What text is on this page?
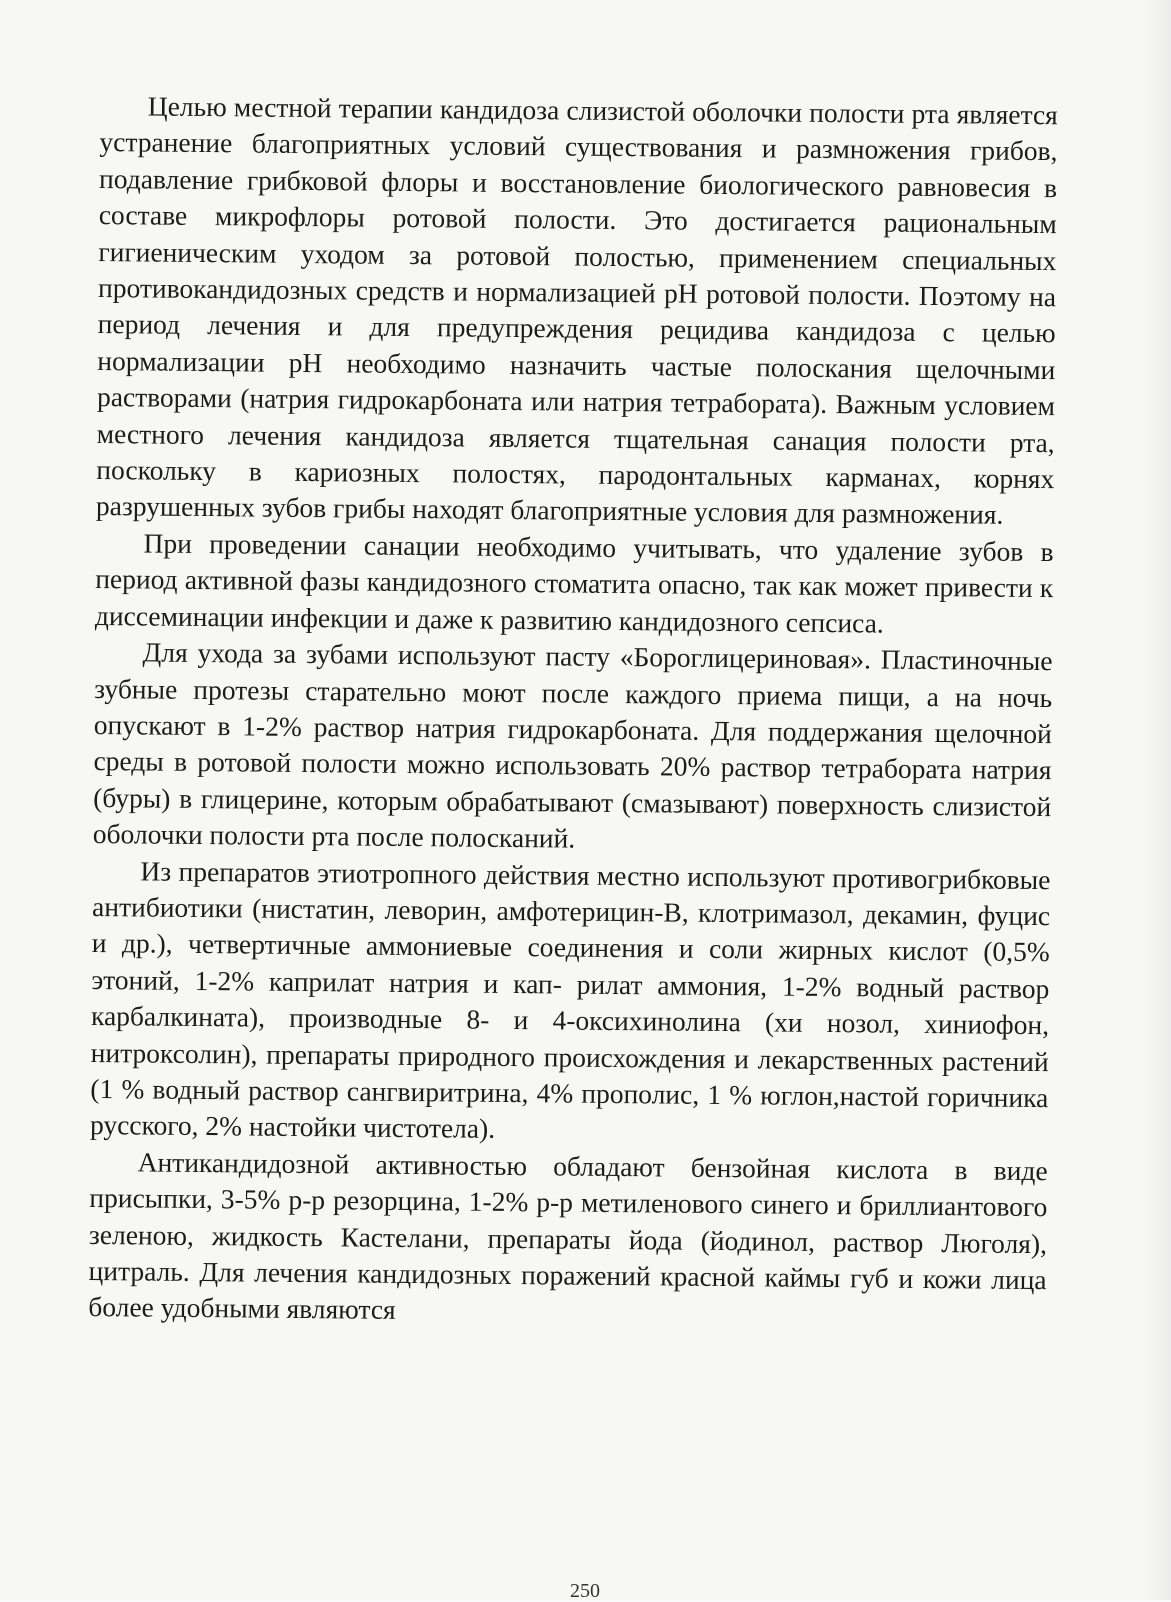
Целью местной терапии кандидоза слизистой оболочки полости рта является устранение благоприятных условий существования и размножения грибов, подавление грибковой флоры и восстановление биологического равновесия в составе микрофлоры ротовой полости. Это достигается рациональным гигиеническим уходом за ротовой полостью, применением специальных противокандидозных средств и нормализацией pH ротовой полости. Поэтому на период лечения и для предупреждения рецидива кандидоза с целью нормализации pH необходимо назначить частые полоскания щелочными растворами (натрия гидрокарбоната или натрия тетрабората). Важным условием местного лечения кандидоза является тщательная санация полости рта, поскольку в кариозных полостях, пародонтальных карманах, корнях разрушенных зубов грибы находят благоприятные условия для размножения.

При проведении санации необходимо учитывать, что удаление зубов в период активной фазы кандидозного стоматита опасно, так как может привести к диссеминации инфекции и даже к развитию кандидозного сепсиса.

Для ухода за зубами используют пасту «Бороглицериновая». Пластиночные зубные протезы старательно моют после каждого приема пищи, а на ночь опускают в 1-2% раствор натрия гидрокарбоната. Для поддержания щелочной среды в ротовой полости можно использовать 20% раствор тетрабората натрия (буры) в глицерине, которым обрабатывают (смазывают) поверхность слизистой оболочки полости рта после полосканий.

Из препаратов этиотропного действия местно используют противогрибковые антибиотики (нистатин, леворин, амфотерицин-В, клотримазол, декамин, фуцис и др.), четвертичные аммониевые соединения и соли жирных кислот (0,5% этоний, 1-2% каприлат натрия и кап- рилат аммония, 1-2% водный раствор карбалкината), производные 8- и 4-оксихинолина (хи нозол, хиниофон, нитроксолин), препараты природного происхождения и лекарственных растений (1 % водный раствор сангвиритрина, 4% прополис, 1 % юглон,настой горичника русского, 2% настойки чистотела).

Антикандидозной активностью обладают бензойная кислота в виде присыпки, 3-5% р-р резорцина, 1-2% р-р метиленового синего и бриллиантового зеленою, жидкость Кастелани, препараты йода (йодинол, раствор Люголя), цитраль. Для лечения кандидозных поражений красной каймы губ и кожи лица более удобными являются

250
